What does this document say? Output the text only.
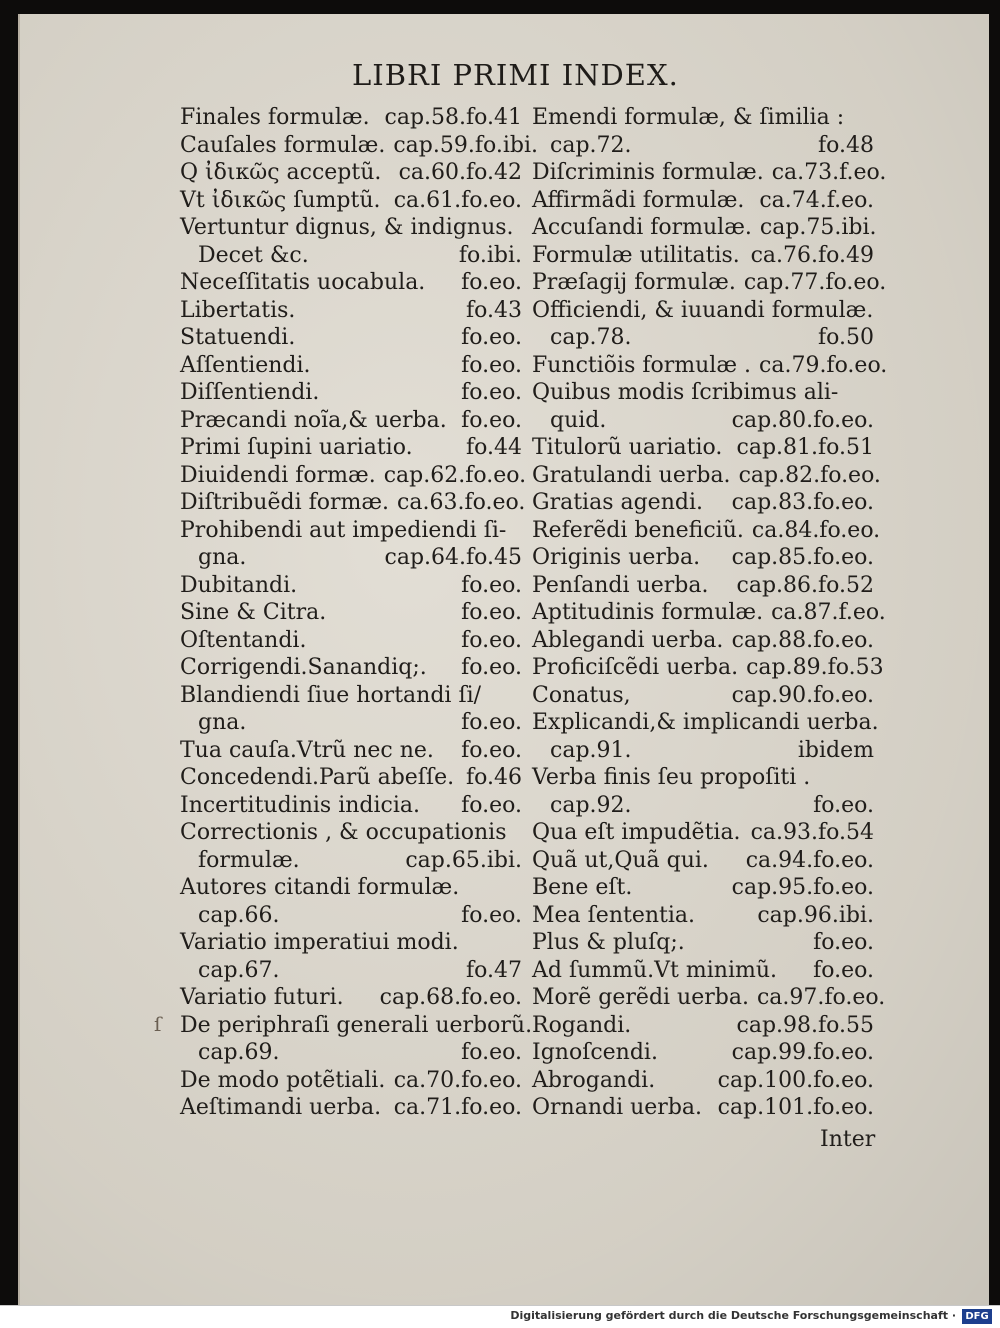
LIBRI PRIMI INDEX.
Finales formulæ. cap.58.fo.41
Cauſales formulæ. cap.59.fo.ibi.
Q ἰδικῶς acceptũ. ca.60.fo.42
Vt ἰδικῶς ſumptũ. ca.61.fo.eo.
Vertuntur dignus, & indignus.
Decet &c.	fo.ibi.
Neceſſitatis uocabula.	fo.eo.
Libertatis.	fo.43
Statuendi.	fo.eo.
Aſſentiendi.	fo.eo.
Diſſentiendi.	fo.eo.
Præcandi noĩa,& uerba. fo.eo.
Primi ſupini uariatio.	fo.44
Diuidendi formæ. cap.62.fo.eo.
Diſtribuẽdi formæ. ca.63.fo.eo.
Prohibendi aut impediendi ſi-
gna.	cap.64.fo.45
Dubitandi.	fo.eo.
Sine & Citra.	fo.eo.
Oſtentandi.	fo.eo.
Corrigendi.Sanandiq;.	fo.eo.
Blandiendi ſiue hortandi ſi/
gna.	fo.eo.
Tua cauſa.Vtrũ nec ne.	fo.eo.
Concedendi.Parũ abeſſe. fo.46
Incertitudinis indicia.	fo.eo.
Correctionis , & occupationis
formulæ.	cap.65.ibi.
Autores citandi formulæ.
cap.66.	fo.eo.
Variatio imperatiui modi.
cap.67.	fo.47
Variatio futuri.	cap.68.fo.eo.
De periphraſi generali uerborũ.
cap.69.	fo.eo.
De modo potẽtiali. ca.70.fo.eo.
Aeſtimandi uerba. ca.71.fo.eo.
Emendi formulæ, & ſimilia :
cap.72.	fo.48
Diſcriminis formulæ. ca.73.f.eo.
Affirmãdi formulæ. ca.74.f.eo.
Accuſandi formulæ. cap.75.ibi.
Formulæ utilitatis. ca.76.fo.49
Præſagij formulæ. cap.77.fo.eo.
Officiendi, & iuuandi formulæ.
cap.78.	fo.50
Functiõis formulæ . ca.79.fo.eo.
Quibus modis ſcribimus ali-
quid.	cap.80.fo.eo.
Titulorũ uariatio. cap.81.fo.51
Gratulandi uerba. cap.82.fo.eo.
Gratias agendi.	cap.83.fo.eo.
Referẽdi beneficiũ. ca.84.fo.eo.
Originis uerba.	cap.85.fo.eo.
Penſandi uerba.	cap.86.fo.52
Aptitudinis formulæ. ca.87.f.eo.
Ablegandi uerba. cap.88.fo.eo.
Proficiſcẽdi uerba. cap.89.fo.53
Conatus,	cap.90.fo.eo.
Explicandi,& implicandi uerba.
cap.91.	ibidem
Verba finis ſeu propoſiti .
cap.92.	fo.eo.
Qua eſt impudẽtia. ca.93.fo.54
Quã ut,Quã qui.	ca.94.fo.eo.
Bene eſt.	cap.95.fo.eo.
Mea ſententia.	cap.96.ibi.
Plus & pluſq;.	fo.eo.
Ad ſummũ.Vt minimũ.	fo.eo.
Morẽ gerẽdi uerba. ca.97.fo.eo.
Rogandi.	cap.98.fo.55
Ignoſcendi.	cap.99.fo.eo.
Abrogandi.	cap.100.fo.eo.
Ornandi uerba. cap.101.fo.eo.
ſ
Inter
Digitalisierung gefördert durch die Deutsche Forschungsgemeinschaft · DFG
